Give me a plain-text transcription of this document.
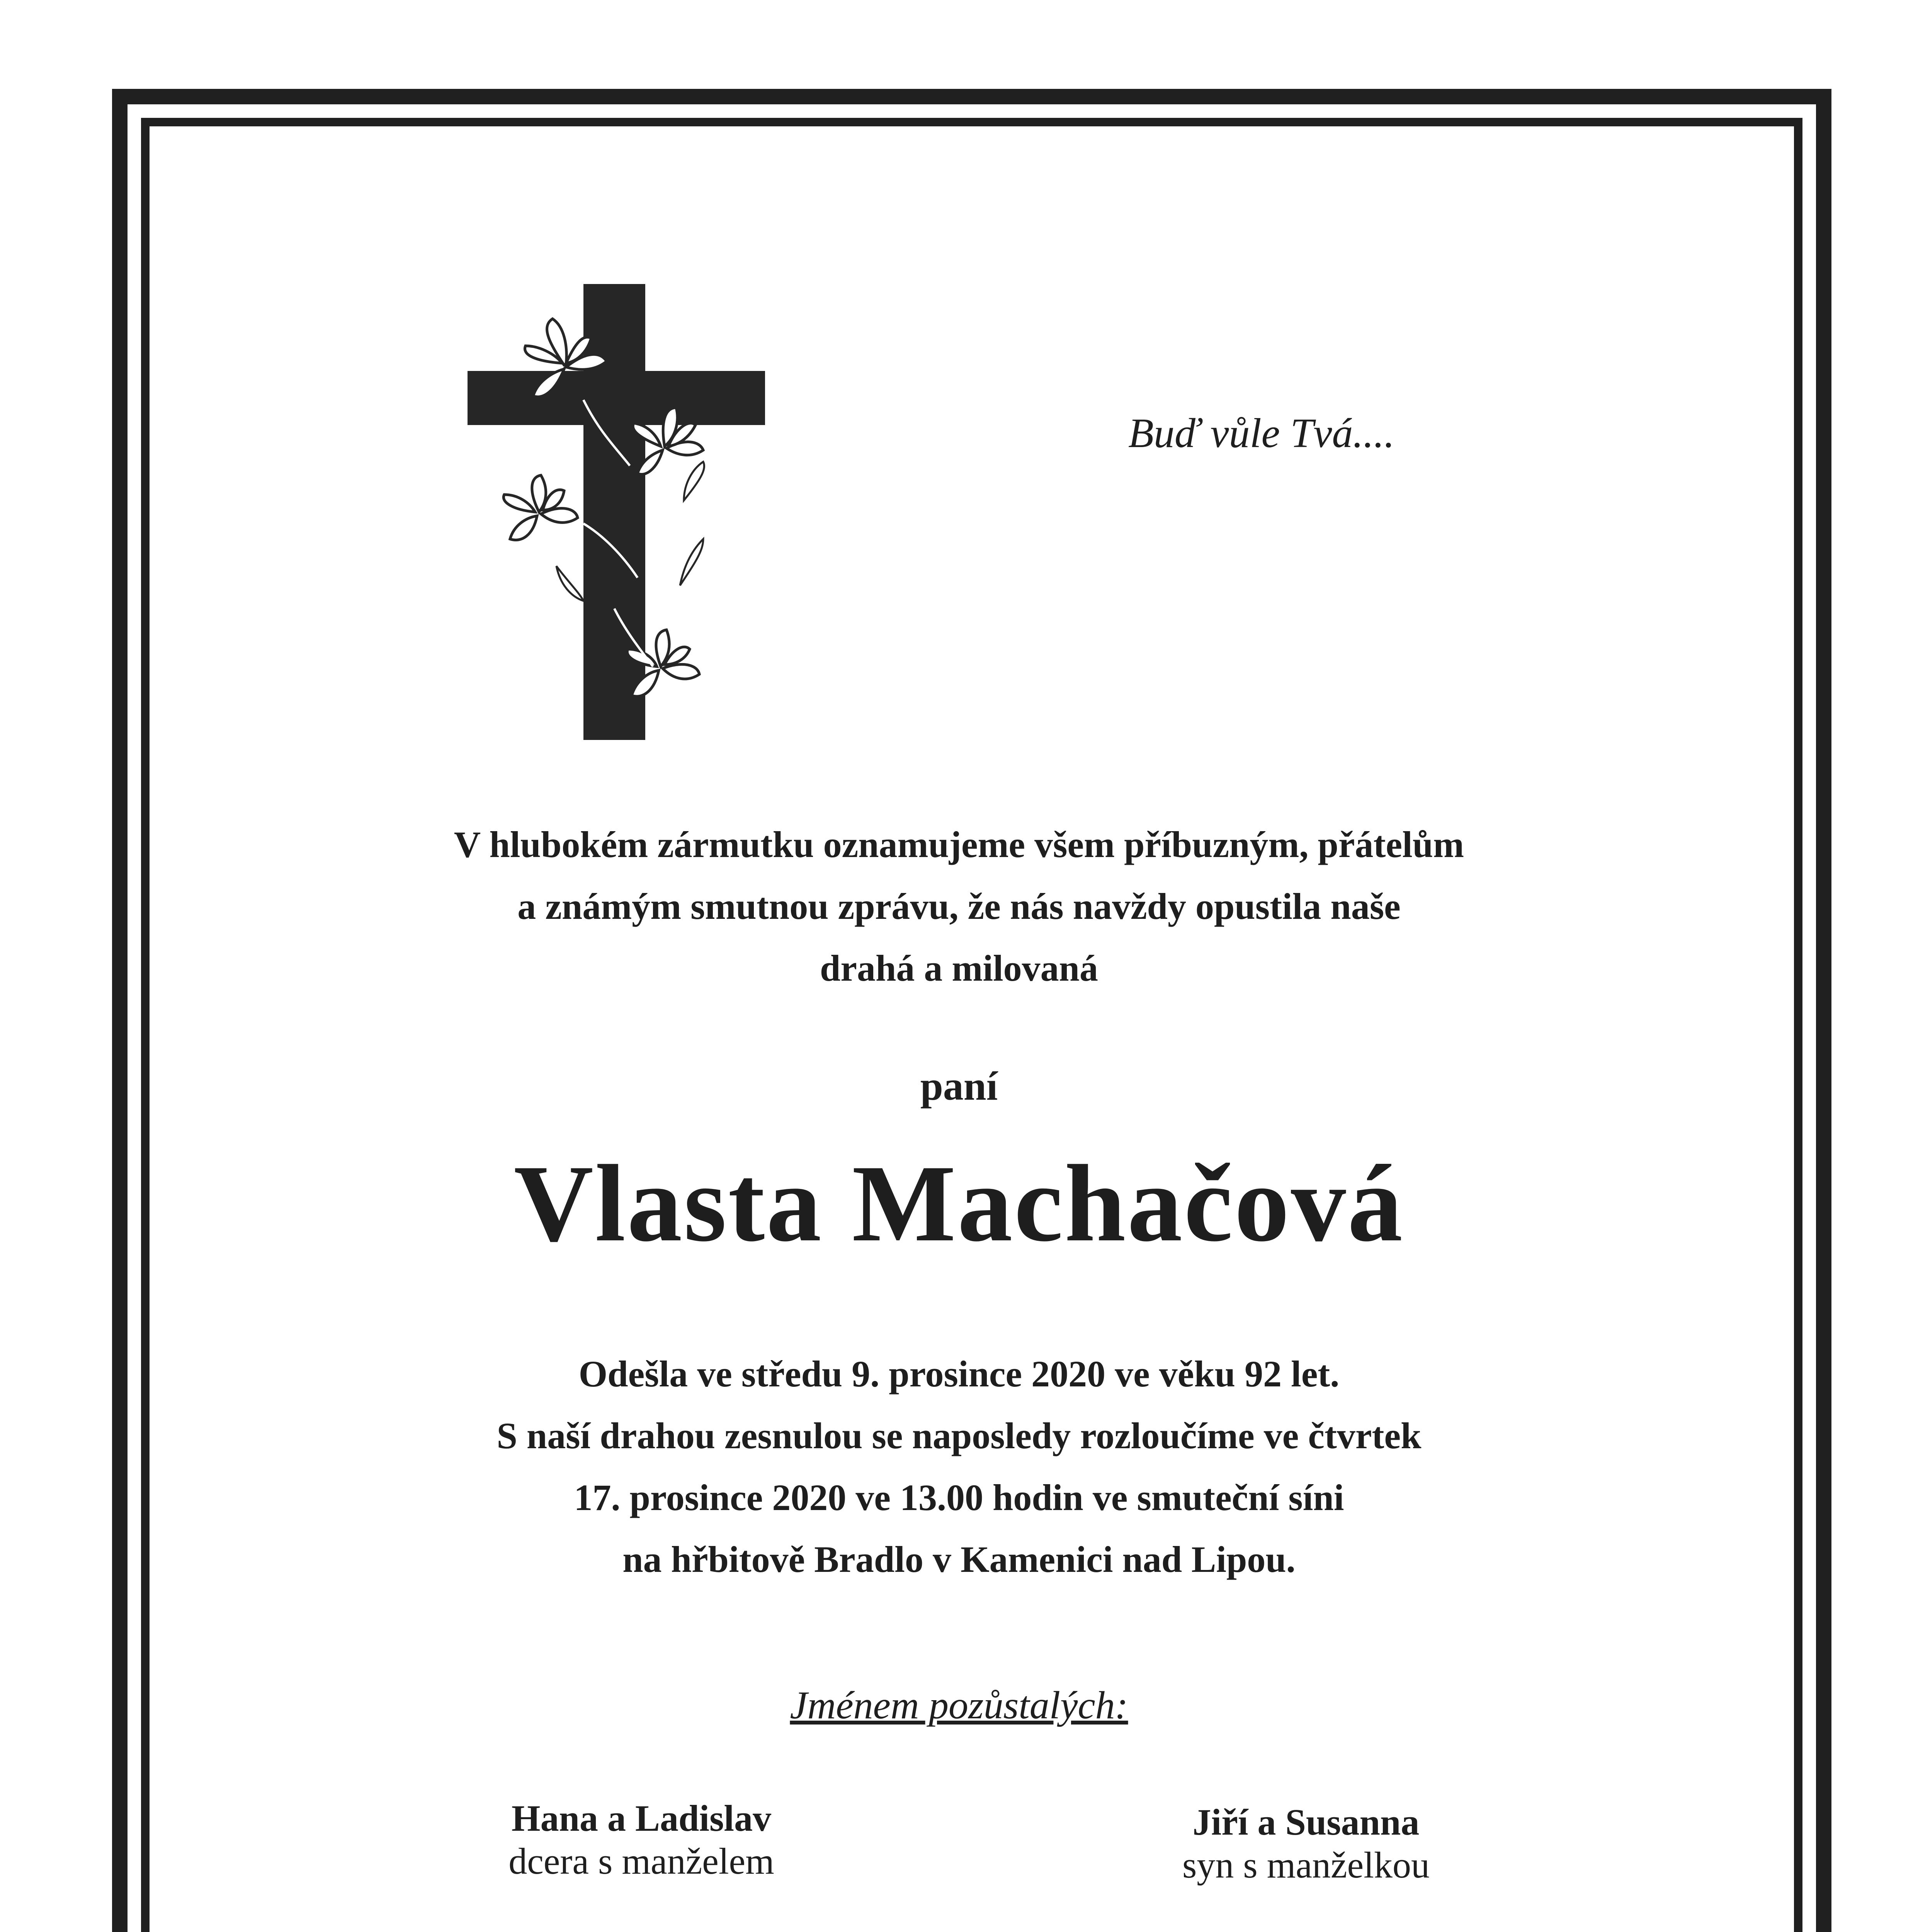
Buď vůle Tvá....
V hlubokém zármutku oznamujeme všem příbuzným, přátelům
a známým smutnou zprávu, že nás navždy opustila naše
drahá a milovaná
paní
Vlasta Machačová
Odešla ve středu 9. prosince 2020 ve věku 92 let.
S naší drahou zesnulou se naposledy rozloučíme ve čtvrtek
17. prosince 2020 ve 13.00 hodin ve smuteční síni
na hřbitově Bradlo v Kamenici nad Lipou.
Jménem pozůstalých:
Hana a Ladislav
dcera s manželem
Jiří a Susanna
syn s manželkou
